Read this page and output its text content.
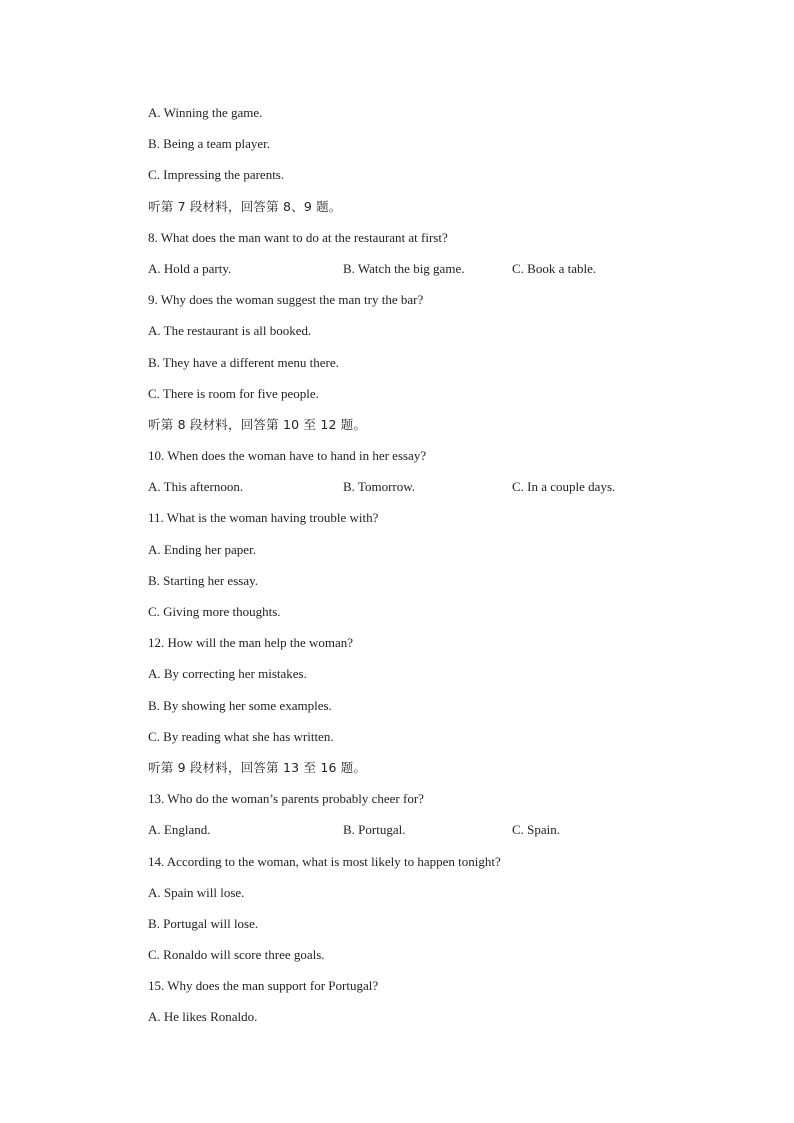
A. Winning the game.
B. Being a team player.
C. Impressing the parents.
听第 7 段材料，回答第 8、9 题。
8. What does the man want to do at the restaurant at first?
A. Hold a party.	B. Watch the big game.	C. Book a table.
9. Why does the woman suggest the man try the bar?
A. The restaurant is all booked.
B. They have a different menu there.
C. There is room for five people.
听第 8 段材料，回答第 10 至 12 题。
10. When does the woman have to hand in her essay?
A. This afternoon.	B. Tomorrow.	C. In a couple days.
11. What is the woman having trouble with?
A. Ending her paper.
B. Starting her essay.
C. Giving more thoughts.
12. How will the man help the woman?
A. By correcting her mistakes.
B. By showing her some examples.
C. By reading what she has written.
听第 9 段材料，回答第 13 至 16 题。
13. Who do the woman’s parents probably cheer for?
A. England.	B. Portugal.	C. Spain.
14. According to the woman, what is most likely to happen tonight?
A. Spain will lose.
B. Portugal will lose.
C. Ronaldo will score three goals.
15. Why does the man support for Portugal?
A. He likes Ronaldo.
